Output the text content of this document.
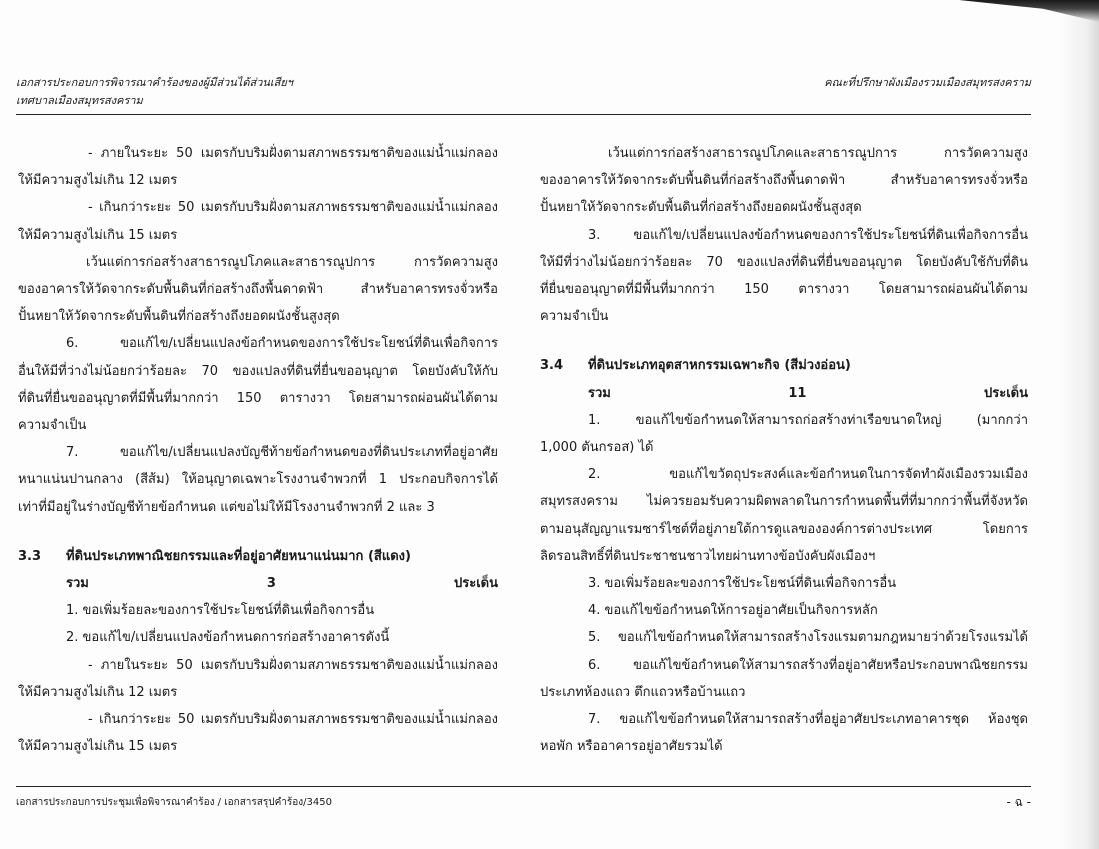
เอกสารประกอบการพิจารณาคำร้องของผู้มีส่วนได้ส่วนเสียฯ
เทศบาลเมืองสมุทรสงคราม
คณะที่ปรึกษาผังเมืองรวมเมืองสมุทรสงคราม

- ภายในระยะ 50 เมตรกับบริมฝั่งตามสภาพธรรมชาติของแม่น้ำแม่กลอง

ให้มีความสูงไม่เกิน 12 เมตร

- เกินกว่าระยะ 50 เมตรกับบริมฝั่งตามสภาพธรรมชาติของแม่น้ำแม่กลอง

ให้มีความสูงไม่เกิน 15 เมตร

เว้นแต่การก่อสร้างสาธารณูปโภคและสาธารณูปการ การวัดความสูง

ของอาคารให้วัดจากระดับพื้นดินที่ก่อสร้างถึงพื้นดาดฟ้า สำหรับอาคารทรงจั่วหรือ

ปั้นหยาให้วัดจากระดับพื้นดินที่ก่อสร้างถึงยอดผนังชั้นสูงสุด

6. ขอแก้ไข/เปลี่ยนแปลงข้อกำหนดของการใช้ประโยชน์ที่ดินเพื่อกิจการ

อื่นให้มีที่ว่างไม่น้อยกว่าร้อยละ 70 ของแปลงที่ดินที่ยื่นขออนุญาต โดยบังคับให้กับ

ที่ดินที่ยื่นขออนุญาตที่มีพื้นที่มากกว่า 150 ตารางวา โดยสามารถผ่อนผันได้ตาม

ความจำเป็น

7. ขอแก้ไข/เปลี่ยนแปลงบัญชีท้ายข้อกำหนดของที่ดินประเภทที่อยู่อาศัย

หนาแน่นปานกลาง (สีส้ม) ให้อนุญาตเฉพาะโรงงานจำพวกที่ 1 ประกอบกิจการได้

เท่าที่มีอยู่ในร่างบัญชีท้ายข้อกำหนด แต่ขอไม่ให้มีโรงงานจำพวกที่ 2 และ 3

3.3	ที่ดินประเภทพาณิชยกรรมและที่อยู่อาศัยหนาแน่นมาก (สีแดง)

รวม 3 ประเด็น

1. ขอเพิ่มร้อยละของการใช้ประโยชน์ที่ดินเพื่อกิจการอื่น

2. ขอแก้ไข/เปลี่ยนแปลงข้อกำหนดการก่อสร้างอาคารดังนี้

- ภายในระยะ 50 เมตรกับบริมฝั่งตามสภาพธรรมชาติของแม่น้ำแม่กลอง

ให้มีความสูงไม่เกิน 12 เมตร

- เกินกว่าระยะ 50 เมตรกับบริมฝั่งตามสภาพธรรมชาติของแม่น้ำแม่กลอง

ให้มีความสูงไม่เกิน 15 เมตร

เว้นแต่การก่อสร้างสาธารณูปโภคและสาธารณูปการ การวัดความสูง

ของอาคารให้วัดจากระดับพื้นดินที่ก่อสร้างถึงพื้นดาดฟ้า สำหรับอาคารทรงจั่วหรือ

ปั้นหยาให้วัดจากระดับพื้นดินที่ก่อสร้างถึงยอดผนังชั้นสูงสุด

3. ขอแก้ไข/เปลี่ยนแปลงข้อกำหนดของการใช้ประโยชน์ที่ดินเพื่อกิจการอื่น

ให้มีที่ว่างไม่น้อยกว่าร้อยละ 70 ของแปลงที่ดินที่ยื่นขออนุญาต โดยบังคับใช้กับที่ดิน

ที่ยื่นขออนุญาตที่มีพื้นที่มากกว่า 150 ตารางวา โดยสามารถผ่อนผันได้ตาม

ความจำเป็น

3.4	ที่ดินประเภทอุตสาหกรรมเฉพาะกิจ (สีม่วงอ่อน)

รวม 11 ประเด็น

1. ขอแก้ไขข้อกำหนดให้สามารถก่อสร้างท่าเรือขนาดใหญ่ (มากกว่า

1,000 ตันกรอส) ได้

2. ขอแก้ไขวัตถุประสงค์และข้อกำหนดในการจัดทำผังเมืองรวมเมือง

สมุทรสงคราม ไม่ควรยอมรับความผิดพลาดในการกำหนดพื้นที่ที่มากกว่าพื้นที่จังหวัด

ตามอนุสัญญาแรมซาร์ไซต์ที่อยู่ภายใต้การดูแลขององค์การต่างประเทศ โดยการ

ลิดรอนสิทธิ์ที่ดินประชาชนชาวไทยผ่านทางข้อบังคับผังเมืองฯ

3. ขอเพิ่มร้อยละของการใช้ประโยชน์ที่ดินเพื่อกิจการอื่น

4. ขอแก้ไขข้อกำหนดให้การอยู่อาศัยเป็นกิจการหลัก

5. ขอแก้ไขข้อกำหนดให้สามารถสร้างโรงแรมตามกฎหมายว่าด้วยโรงแรมได้

6. ขอแก้ไขข้อกำหนดให้สามารถสร้างที่อยู่อาศัยหรือประกอบพาณิชยกรรม

ประเภทห้องแถว ตึกแถวหรือบ้านแถว

7. ขอแก้ไขข้อกำหนดให้สามารถสร้างที่อยู่อาศัยประเภทอาคารชุด ห้องชุด

หอพัก หรืออาคารอยู่อาศัยรวมได้

เอกสารประกอบการประชุมเพื่อพิจารณาคำร้อง / เอกสารสรุปคำร้อง/3450	- ฉ -
